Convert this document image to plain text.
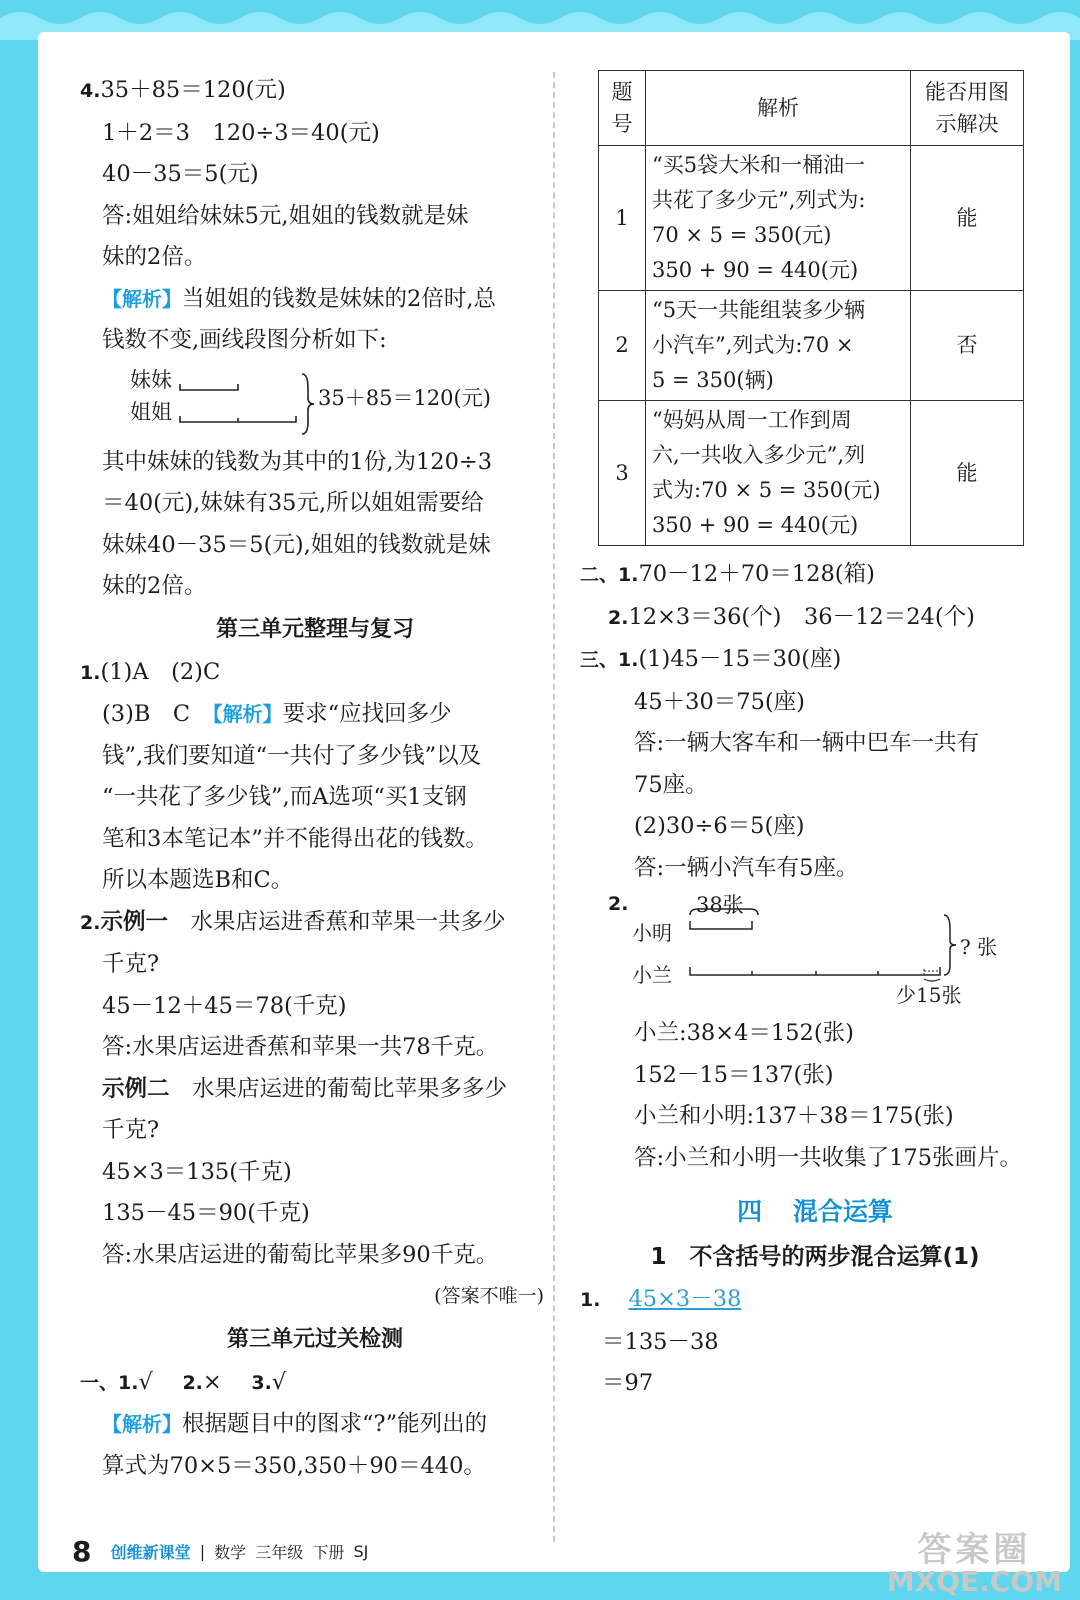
4.35＋85＝120(元)
1＋2＝3　120÷3＝40(元)
40－35＝5(元)
答:姐姐给妹妹5元,姐姐的钱数就是妹
妹的2倍。
【解析】当姐姐的钱数是妹妹的2倍时,总
钱数不变,画线段图分析如下:
妹妹
姐姐
35＋85＝120(元)
其中妹妹的钱数为其中的1份,为120÷3
＝40(元),妹妹有35元,所以姐姐需要给
妹妹40－35＝5(元),姐姐的钱数就是妹
妹的2倍。
第三单元整理与复习
1.(1)A　(2)C
(3)B　C　 【解析】要求“应找回多少
钱”,我们要知道“一共付了多少钱”以及
“一共花了多少钱”,而A选项“买1支钢
笔和3本笔记本”并不能得出花的钱数。
所以本题选B和C。
2.示例一　 水果店运进香蕉和苹果一共多少
千克?
45－12＋45＝78(千克)
答:水果店运进香蕉和苹果一共78千克。
示例二　 水果店运进的葡萄比苹果多多少
千克?
45×3＝135(千克)
135－45＝90(千克)
答:水果店运进的葡萄比苹果多90千克。
(答案不唯一)
第三单元过关检测
一、1.√ 　 2.× 　 3.√
【解析】根据题目中的图求“?”能列出的
算式为70×5＝350,350＋90＝440。
题
号	解析	能否用图
示解决
1	“买5袋大米和一桶油一
共花了多少元”,列式为:
70 × 5 = 350(元)
350 + 90 = 440(元)	能
2	“5天一共能组装多少辆
小汽车”,列式为:70 ×
5 = 350(辆)	否
3	“妈妈从周一工作到周
六,一共收入多少元”,列
式为:70 × 5 = 350(元)
350 + 90 = 440(元)	能
二、1.70－12＋70＝128(箱)
2.12×3＝36(个)　36－12＝24(个)
三、1.(1)45－15＝30(座)
45＋30＝75(座)
答:一辆大客车和一辆中巴车一共有
75座。
(2)30÷6＝5(座)
答:一辆小汽车有5座。
2.	38张
小明
小兰
? 张
少15张
小兰:38×4＝152(张)
152－15＝137(张)
小兰和小明:137＋38＝175(张)
答:小兰和小明一共收集了175张画片。
四 混合运算
1　不含括号的两步混合运算(1)
1. 45×3－38
＝135－38
＝97
8 创维新课堂 | 数学 三年级 下册 SJ	答案圈
MXQE.COM
